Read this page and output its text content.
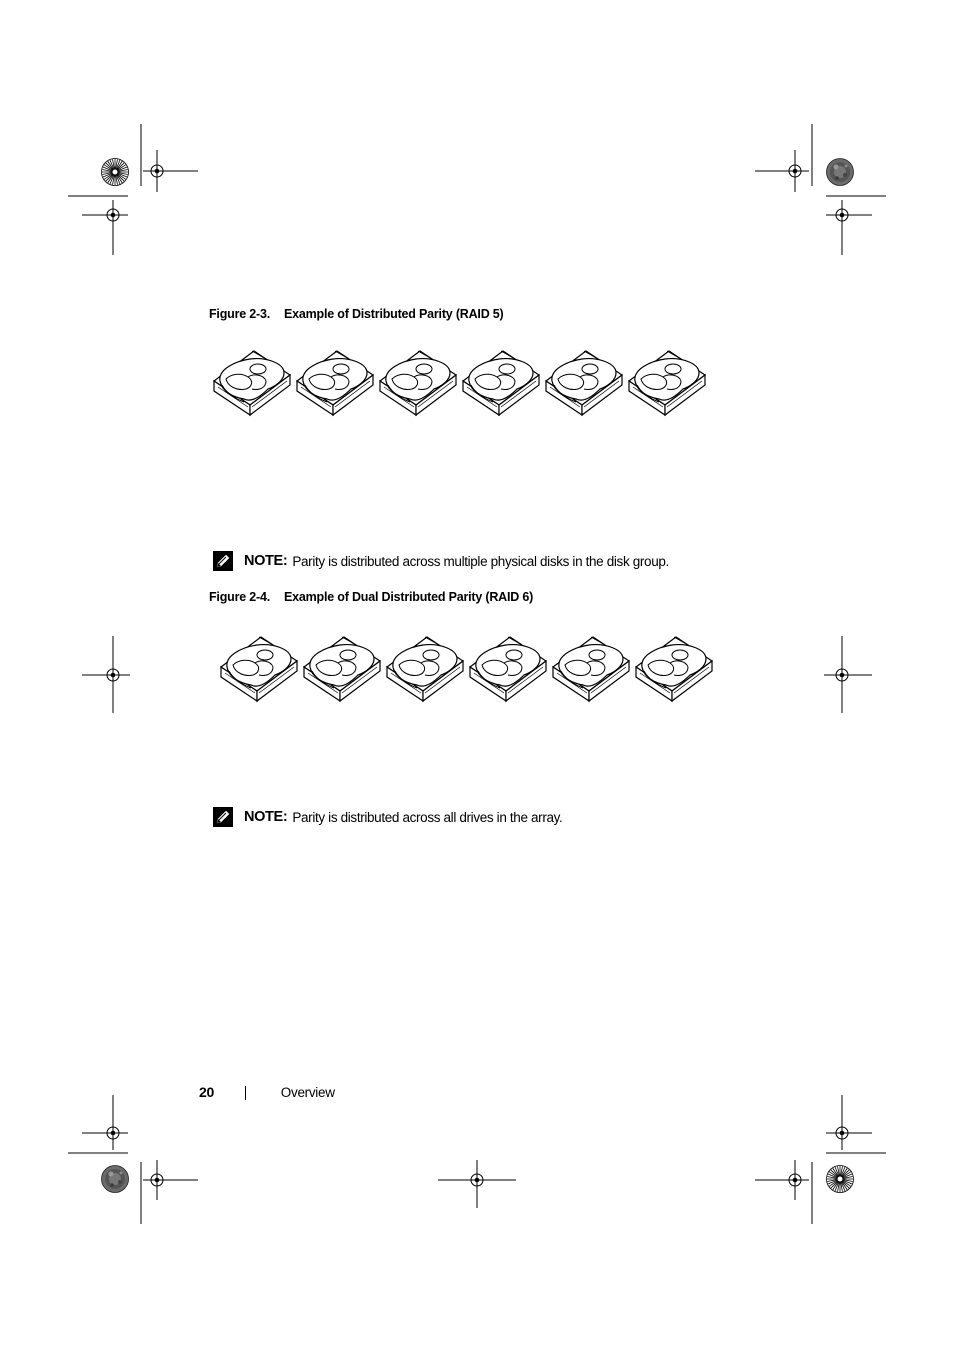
Figure 2-3. Example of Distributed Parity (RAID 5)
NOTE: Parity is distributed across multiple physical disks in the disk group.
Figure 2-4. Example of Dual Distributed Parity (RAID 6)
NOTE: Parity is distributed across all drives in the array.
20	Overview
